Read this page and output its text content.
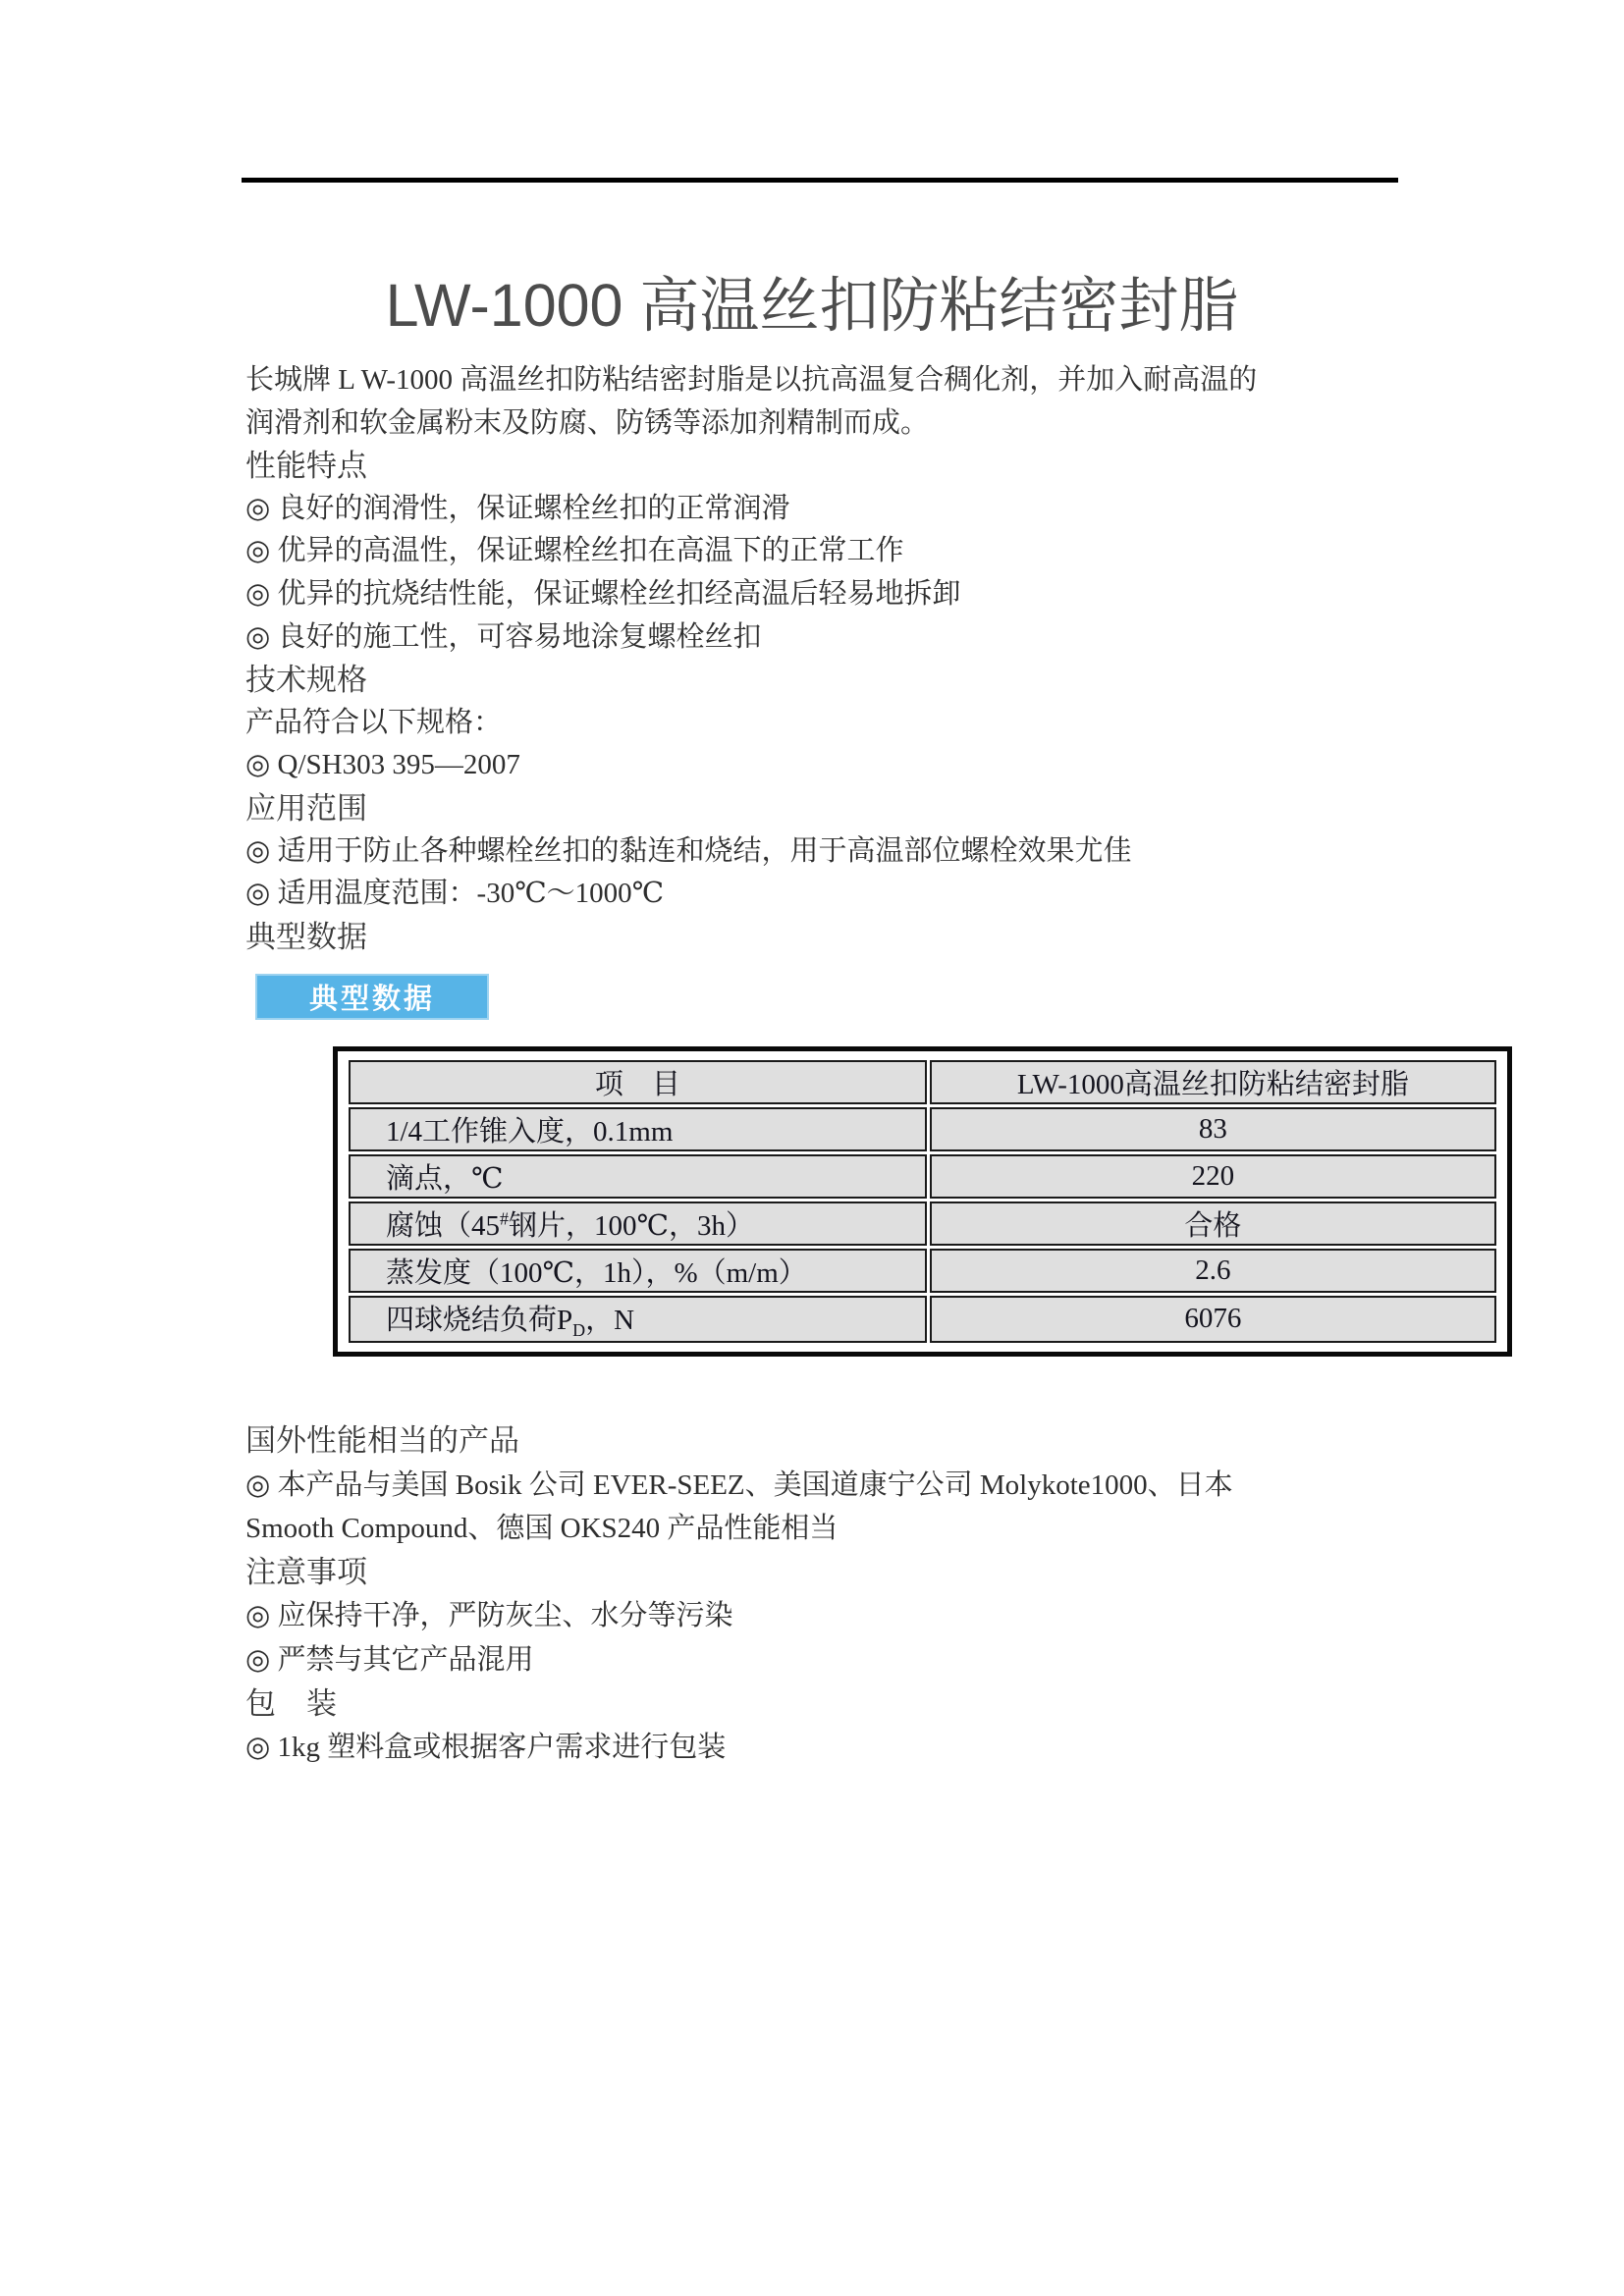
LW-1000 高温丝扣防粘结密封脂
长城牌 L W-1000 高温丝扣防粘结密封脂是以抗高温复合稠化剂，并加入耐高温的
润滑剂和软金属粉末及防腐、防锈等添加剂精制而成。
性能特点
◎ 良好的润滑性，保证螺栓丝扣的正常润滑
◎ 优异的高温性，保证螺栓丝扣在高温下的正常工作
◎ 优异的抗烧结性能，保证螺栓丝扣经高温后轻易地拆卸
◎ 良好的施工性，可容易地涂复螺栓丝扣
技术规格
产品符合以下规格：
◎ Q/SH303 395—2007
应用范围
◎ 适用于防止各种螺栓丝扣的黏连和烧结，用于高温部位螺栓效果尤佳
◎ 适用温度范围：-30℃～1000℃
典型数据
典型数据
项　目	LW-1000高温丝扣防粘结密封脂
1/4工作锥入度，0.1mm	83
滴点，℃	220
腐蚀（45#钢片，100℃，3h）	合格
蒸发度（100℃，1h），%（m/m）	2.6
四球烧结负荷$P_D$，N	6076
国外性能相当的产品
◎ 本产品与美国 Bosik 公司 EVER-SEEZ、美国道康宁公司 Molykote1000、日本
Smooth Compound、德国 OKS240 产品性能相当
注意事项
◎ 应保持干净，严防灰尘、水分等污染
◎ 严禁与其它产品混用
包　装
◎ 1kg 塑料盒或根据客户需求进行包装
